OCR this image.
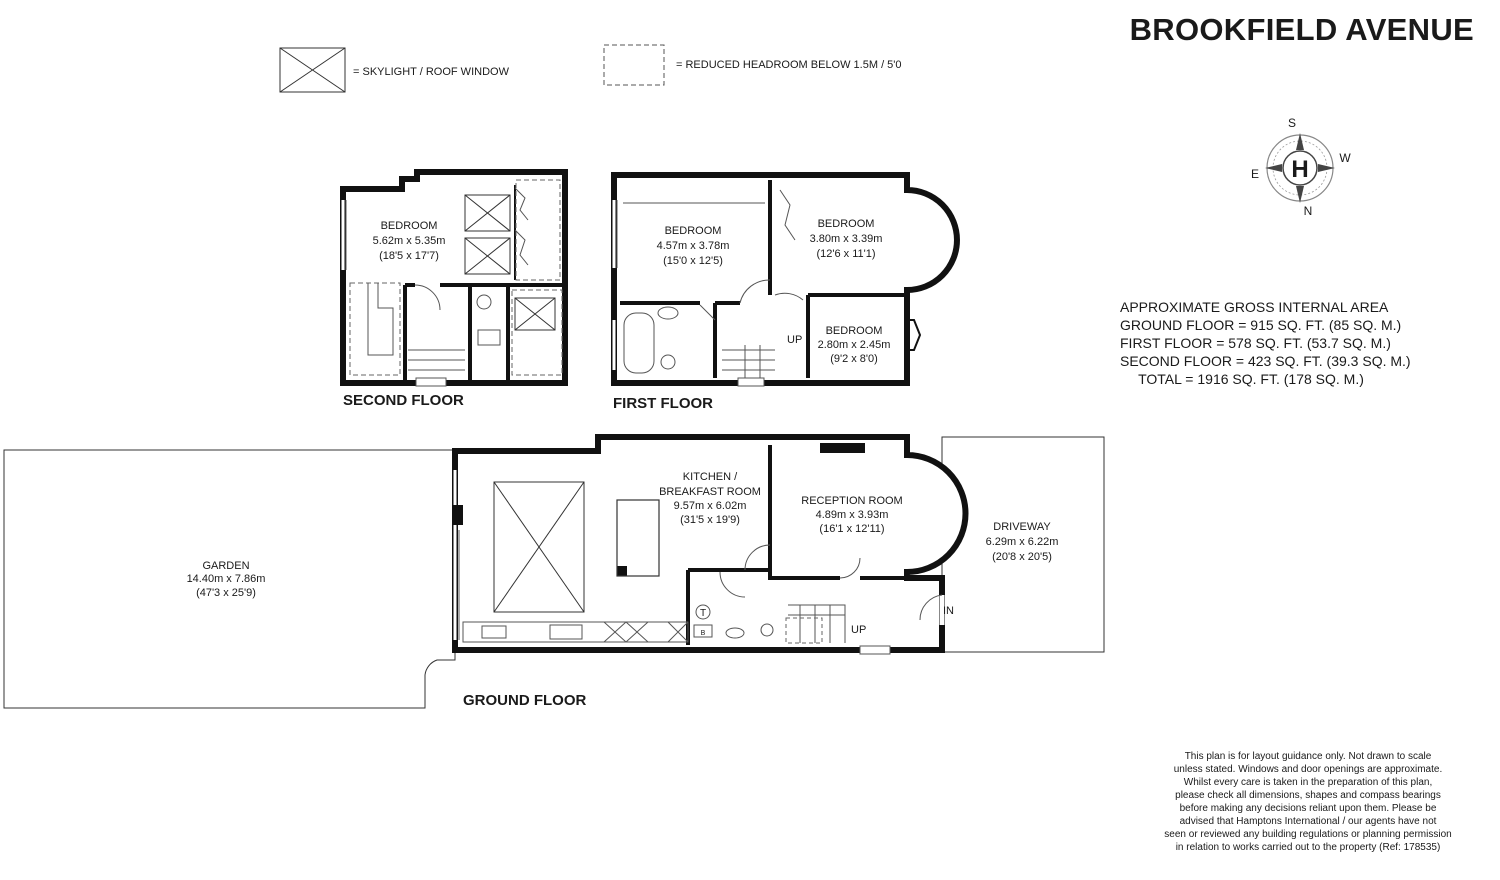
BROOKFIELD AVENUE
= SKYLIGHT / ROOF WINDOW
= REDUCED HEADROOM BELOW 1.5M / 5'0
H
S
W
E
N
BEDROOM
5.62m x 5.35m
(18'5 x 17'7)
SECOND FLOOR
UP
BEDROOM
4.57m x 3.78m
(15'0 x 12'5)
BEDROOM
3.80m x 3.39m
(12'6 x 11'1)
BEDROOM
2.80m x 2.45m
(9'2 x 8'0)
FIRST FLOOR
T
B	UP
IN
KITCHEN /
BREAKFAST ROOM
9.57m x 6.02m
(31'5 x 19'9)
RECEPTION ROOM
4.89m x 3.93m
(16'1 x 12'11)	DRIVEWAY
6.29m x 6.22m
(20'8 x 20'5)
GARDEN
14.40m x 7.86m
(47'3 x 25'9)
GROUND FLOOR
APPROXIMATE GROSS INTERNAL AREA
GROUND FLOOR = 915 SQ. FT. (85 SQ. M.)
FIRST FLOOR = 578 SQ. FT. (53.7 SQ. M.)
SECOND FLOOR = 423 SQ. FT. (39.3 SQ. M.)
TOTAL = 1916 SQ. FT. (178 SQ. M.)
This plan is for layout guidance only. Not drawn to scale
unless stated. Windows and door openings are approximate.
Whilst every care is taken in the preparation of this plan,
please check all dimensions, shapes and compass bearings
before making any decisions reliant upon them. Please be
advised that Hamptons International / our agents have not
seen or reviewed any building regulations or planning permission
in relation to works carried out to the property (Ref: 178535)
